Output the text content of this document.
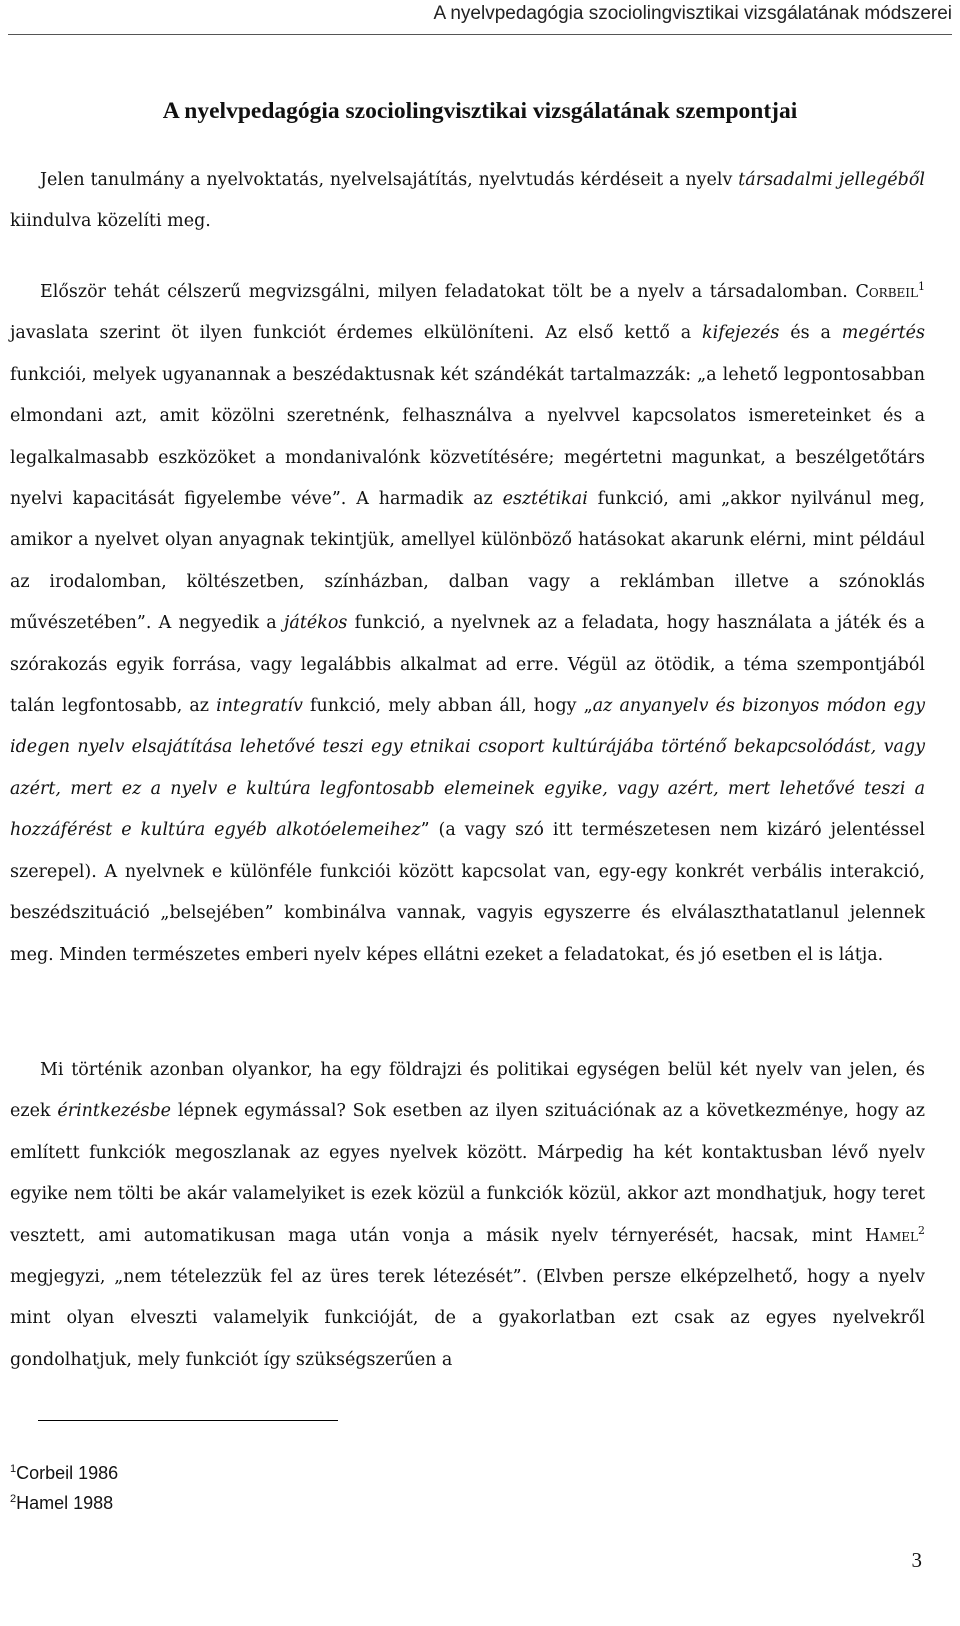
A nyelvpedagógia szociolingvisztikai vizsgálatának módszerei
A nyelvpedagógia szociolingvisztikai vizsgálatának szempontjai

Jelen tanulmány a nyelvoktatás, nyelvelsajátítás, nyelvtudás kérdéseit a nyelv társadalmi jellegéből kiindulva közelíti meg.

Először tehát célszerű megvizsgálni, milyen feladatokat tölt be a nyelv a társadalomban. Corbeil$^1$ javaslata szerint öt ilyen funkciót érdemes elkülöníteni. Az első kettő a kifejezés és a megértés funkciói, melyek ugyanannak a beszédaktusnak két szándékát tartalmazzák: „a lehető legpontosabban elmondani azt, amit közölni szeretnénk, felhasználva a nyelvvel kapcsolatos ismereteinket és a legalkalmasabb eszközöket a mondanivalónk közvetítésére; megértetni magunkat, a beszélgetőtárs nyelvi kapacitását figyelembe véve”. A harmadik az esztétikai funkció, ami „akkor nyilvánul meg, amikor a nyelvet olyan anyagnak tekintjük, amellyel különböző hatásokat akarunk elérni, mint például az irodalomban, költészetben, színházban, dalban vagy a reklámban illetve a szónoklás művészetében”. A negyedik a játékos funkció, a nyelvnek az a feladata, hogy használata a játék és a szórakozás egyik forrása, vagy legalábbis alkalmat ad erre. Végül az ötödik, a téma szempontjából talán legfontosabb, az integratív funkció, mely abban áll, hogy „az anyanyelv és bizonyos módon egy idegen nyelv elsajátítása lehetővé teszi egy etnikai csoport kultúrájába történő bekapcsolódást, vagy azért, mert ez a nyelv e kultúra legfontosabb elemeinek egyike, vagy azért, mert lehetővé teszi a hozzáférést e kultúra egyéb alkotóelemeihez” (a vagy szó itt természetesen nem kizáró jelentéssel szerepel). A nyelvnek e különféle funkciói között kapcsolat van, egy-egy konkrét verbális interakció, beszédszituáció „belsejében” kombinálva vannak, vagyis egyszerre és elválaszthatatlanul jelennek meg. Minden természetes emberi nyelv képes ellátni ezeket a feladatokat, és jó esetben el is látja.

Mi történik azonban olyankor, ha egy földrajzi és politikai egységen belül két nyelv van jelen, és ezek érintkezésbe lépnek egymással? Sok esetben az ilyen szituációnak az a következménye, hogy az említett funkciók megoszlanak az egyes nyelvek között. Márpedig ha két kontaktusban lévő nyelv egyike nem tölti be akár valamelyiket is ezek közül a funkciók közül, akkor azt mondhatjuk, hogy teret vesztett, ami automatikusan maga után vonja a másik nyelv térnyerését, hacsak, mint Hamel$^2$ megjegyzi, „nem tételezzük fel az üres terek létezését”. (Elvben persze elképzelhető, hogy a nyelv mint olyan elveszti valamelyik funkcióját, de a gyakorlatban ezt csak az egyes nyelvekről gondolhatjuk, mely funkciót így szükségszerűen a

$^1$Corbeil 1986
$^2$Hamel 1988
3
